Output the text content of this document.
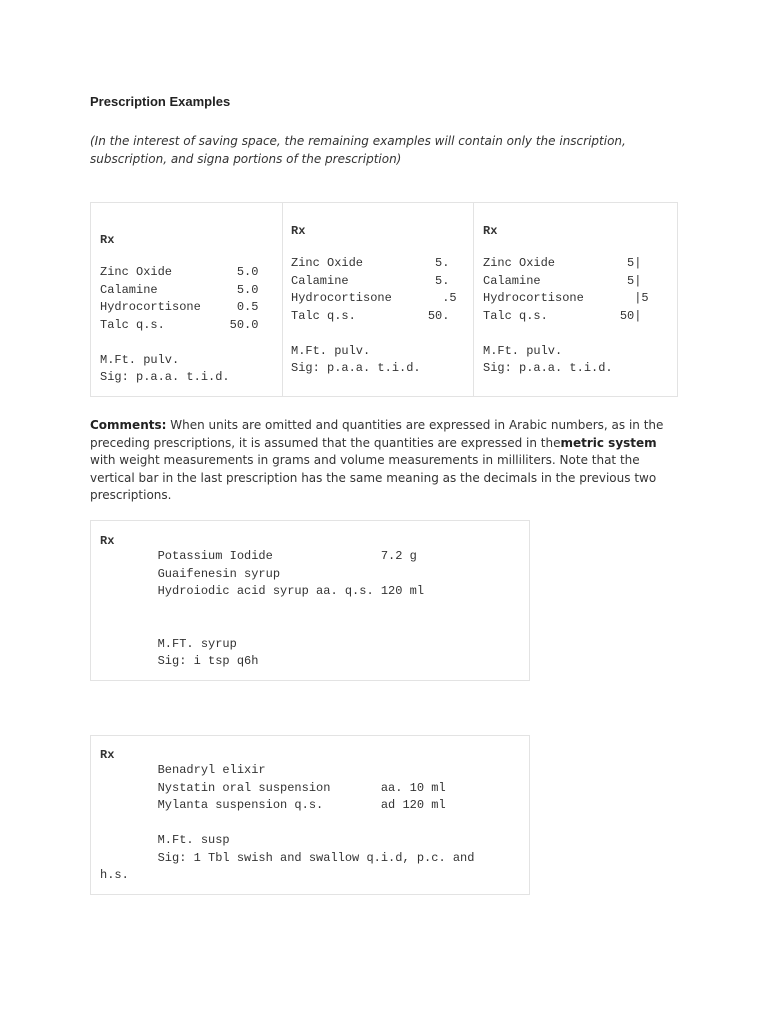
Prescription Examples
(In the interest of saving space, the remaining examples will contain only the inscription, subscription, and signa portions of the prescription)
Rx
Zinc Oxide         5.0
Calamine           5.0
Hydrocortisone     0.5
Talc q.s.         50.0

M.Ft. pulv.
Sig: p.a.a. t.i.d.
Rx
Zinc Oxide          5.
Calamine            5.
Hydrocortisone       .5
Talc q.s.          50.

M.Ft. pulv.
Sig: p.a.a. t.i.d.
Rx
Zinc Oxide          5|
Calamine            5|
Hydrocortisone       |5
Talc q.s.          50|

M.Ft. pulv.
Sig: p.a.a. t.i.d.
Comments: When units are omitted and quantities are expressed in Arabic numbers, as in the preceding prescriptions, it is assumed that the quantities are expressed in themetric system with weight measurements in grams and volume measurements in milliliters. Note that the vertical bar in the last prescription has the same meaning as the decimals in the previous two prescriptions.
Rx
Potassium Iodide               7.2 g
Guaifenesin syrup
Hydroiodic acid syrup aa. q.s. 120 ml

M.FT. syrup
Sig: i tsp q6h
Rx
Benadryl elixir
Nystatin oral suspension       aa. 10 ml
Mylanta suspension q.s.        ad 120 ml

M.Ft. susp
Sig: 1 Tbl swish and swallow q.i.d, p.c. and
h.s.
